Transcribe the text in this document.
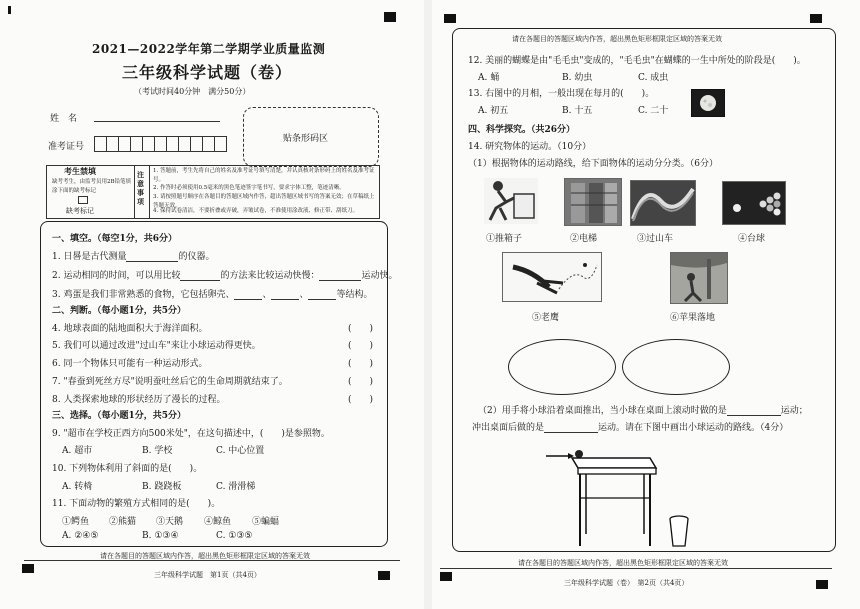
2021—2022学年第二学期学业质量监测
三年级科学试题（卷）
（考试时间40分钟　满分50分）
姓　名
准考证号
贴条形码区
考生禁填
缺考考生，由监考员用2B铅笔填涂下面的缺考标记
缺考标记
注意事项
1. 答题前，考生先将自己的姓名及准考证号填写清楚，并认真核对条形码上的姓名及准考证号。
2. 作答时必须使用0.5毫米的黑色笔迹签字笔书写，要求字体工整，笔迹清晰。
3. 请按照题号顺序在各题目的答题区域内作答，超出答题区域书写的答案无效；在草稿纸上答题无效。
4. 保持试卷清洁，不要折叠或弄破，弄皱试卷，不准使用涂改液、修正带、刮纸刀。
一、填空。（每空1分，共6分）
1. 日晷是古代测量	的仪器。
2. 运动相同的时间，可以用比较	的方法来比较运动快慢：	运动快。
3. 鸡蛋是我们非常熟悉的食物，它包括卵壳、	、	、	等结构。
二、判断。（每小题1分，共5分）
4. 地球表面的陆地面积大于海洋面积。	(　　)
5. 我们可以通过改进"过山车"来让小球运动得更快。	(　　)
6. 同一个物体只可能有一种运动形式。	(　　)
7. "春蚕到死丝方尽"说明蚕吐丝后它的生命周期就结束了。	(　　)
8. 人类探索地球的形状经历了漫长的过程。	(　　)
三、选择。（每小题1分，共5分）
9. "超市在学校正西方向500米处"，在这句描述中，(　　)是参照物。
A. 超市	B. 学校	C. 中心位置
10. 下列物体利用了斜面的是(　　)。
A. 转椅	B. 跷跷板	C. 滑滑梯
11. 下面动物的繁殖方式相同的是(　　)。
①鳄鱼 ②熊猫 ③天鹅 ④鲸鱼 ⑤蝙蝠
A. ②④⑤	B. ①③④	C. ①③⑤
请在各题目的答题区域内作答，超出黑色矩形框限定区域的答案无效
三年级科学试题　第1页（共4页）
请在各题目的答题区域内作答，超出黑色矩形框限定区域的答案无效
12. 美丽的蝴蝶是由"毛毛虫"变成的，"毛毛虫"在蝴蝶的一生中所处的阶段是(　　)。
A. 蛹	B. 幼虫	C. 成虫
13. 右图中的月相，一般出现在每月的(　　)。
A. 初五	B. 十五	C. 二十
四、科学探究。（共26分）
14. 研究物体的运动。（10分）
（1）根据物体的运动路线，给下面物体的运动分分类。（6分）
①推箱子	②电梯	③过山车	④台球
⑤老鹰	⑥苹果落地
（2）用手将小球沿着桌面推出，当小球在桌面上滚动时做的是	运动；
冲出桌面后做的是	运动。请在下图中画出小球运动的路线。（4分）
请在各题目的答题区域内作答，超出黑色矩形框限定区域的答案无效
三年级科学试题（卷）　第2页（共4页）
